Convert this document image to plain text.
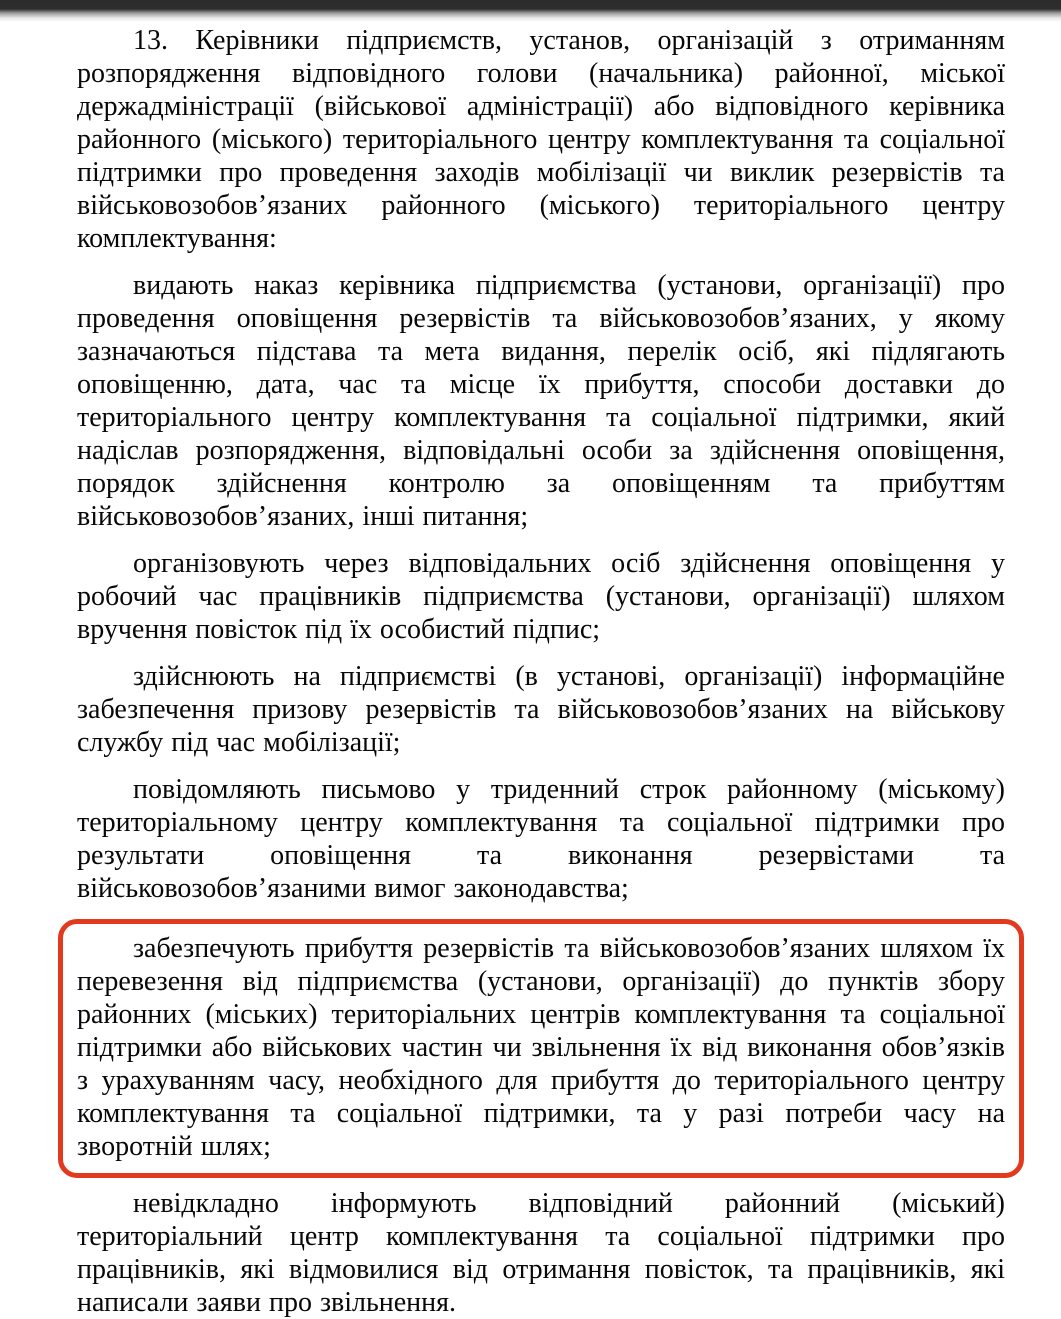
13. Керівники підприємств, установ, організацій з отриманням розпорядження відповідного голови (начальника) районної, міської держадміністрації (військової адміністрації) або відповідного керівника районного (міського) територіального центру комплектування та соціальної підтримки про проведення заходів мобілізації чи виклик резервістів та військовозобов’язаних районного (міського) територіального центру комплектування:

видають наказ керівника підприємства (установи, організації) про проведення оповіщення резервістів та військовозобов’язаних, у якому зазначаються підстава та мета видання, перелік осіб, які підлягають оповіщенню, дата, час та місце їх прибуття, способи доставки до територіального центру комплектування та соціальної підтримки, який надіслав розпорядження, відповідальні особи за здійснення оповіщення, порядок здійснення контролю за оповіщенням та прибуттям військовозобов’язаних, інші питання;

організовують через відповідальних осіб здійснення оповіщення у робочий час працівників підприємства (установи, організації) шляхом вручення повісток під їх особистий підпис;

здійснюють на підприємстві (в установі, організації) інформаційне забезпечення призову резервістів та військовозобов’язаних на військову службу під час мобілізації;

повідомляють письмово у триденний строк районному (міському) територіальному центру комплектування та соціальної підтримки про результати оповіщення та виконання резервістами та військовозобов’язаними вимог законодавства;

забезпечують прибуття резервістів та військовозобов’язаних шляхом їх перевезення від підприємства (установи, організації) до пунктів збору районних (міських) територіальних центрів комплектування та соціальної підтримки або військових частин чи звільнення їх від виконання обов’язків з урахуванням часу, необхідного для прибуття до територіального центру комплектування та соціальної підтримки, та у разі потреби часу на зворотній шлях;

невідкладно інформують відповідний районний (міський) територіальний центр комплектування та соціальної підтримки про працівників, які відмовилися від отримання повісток, та працівників, які написали заяви про звільнення.
